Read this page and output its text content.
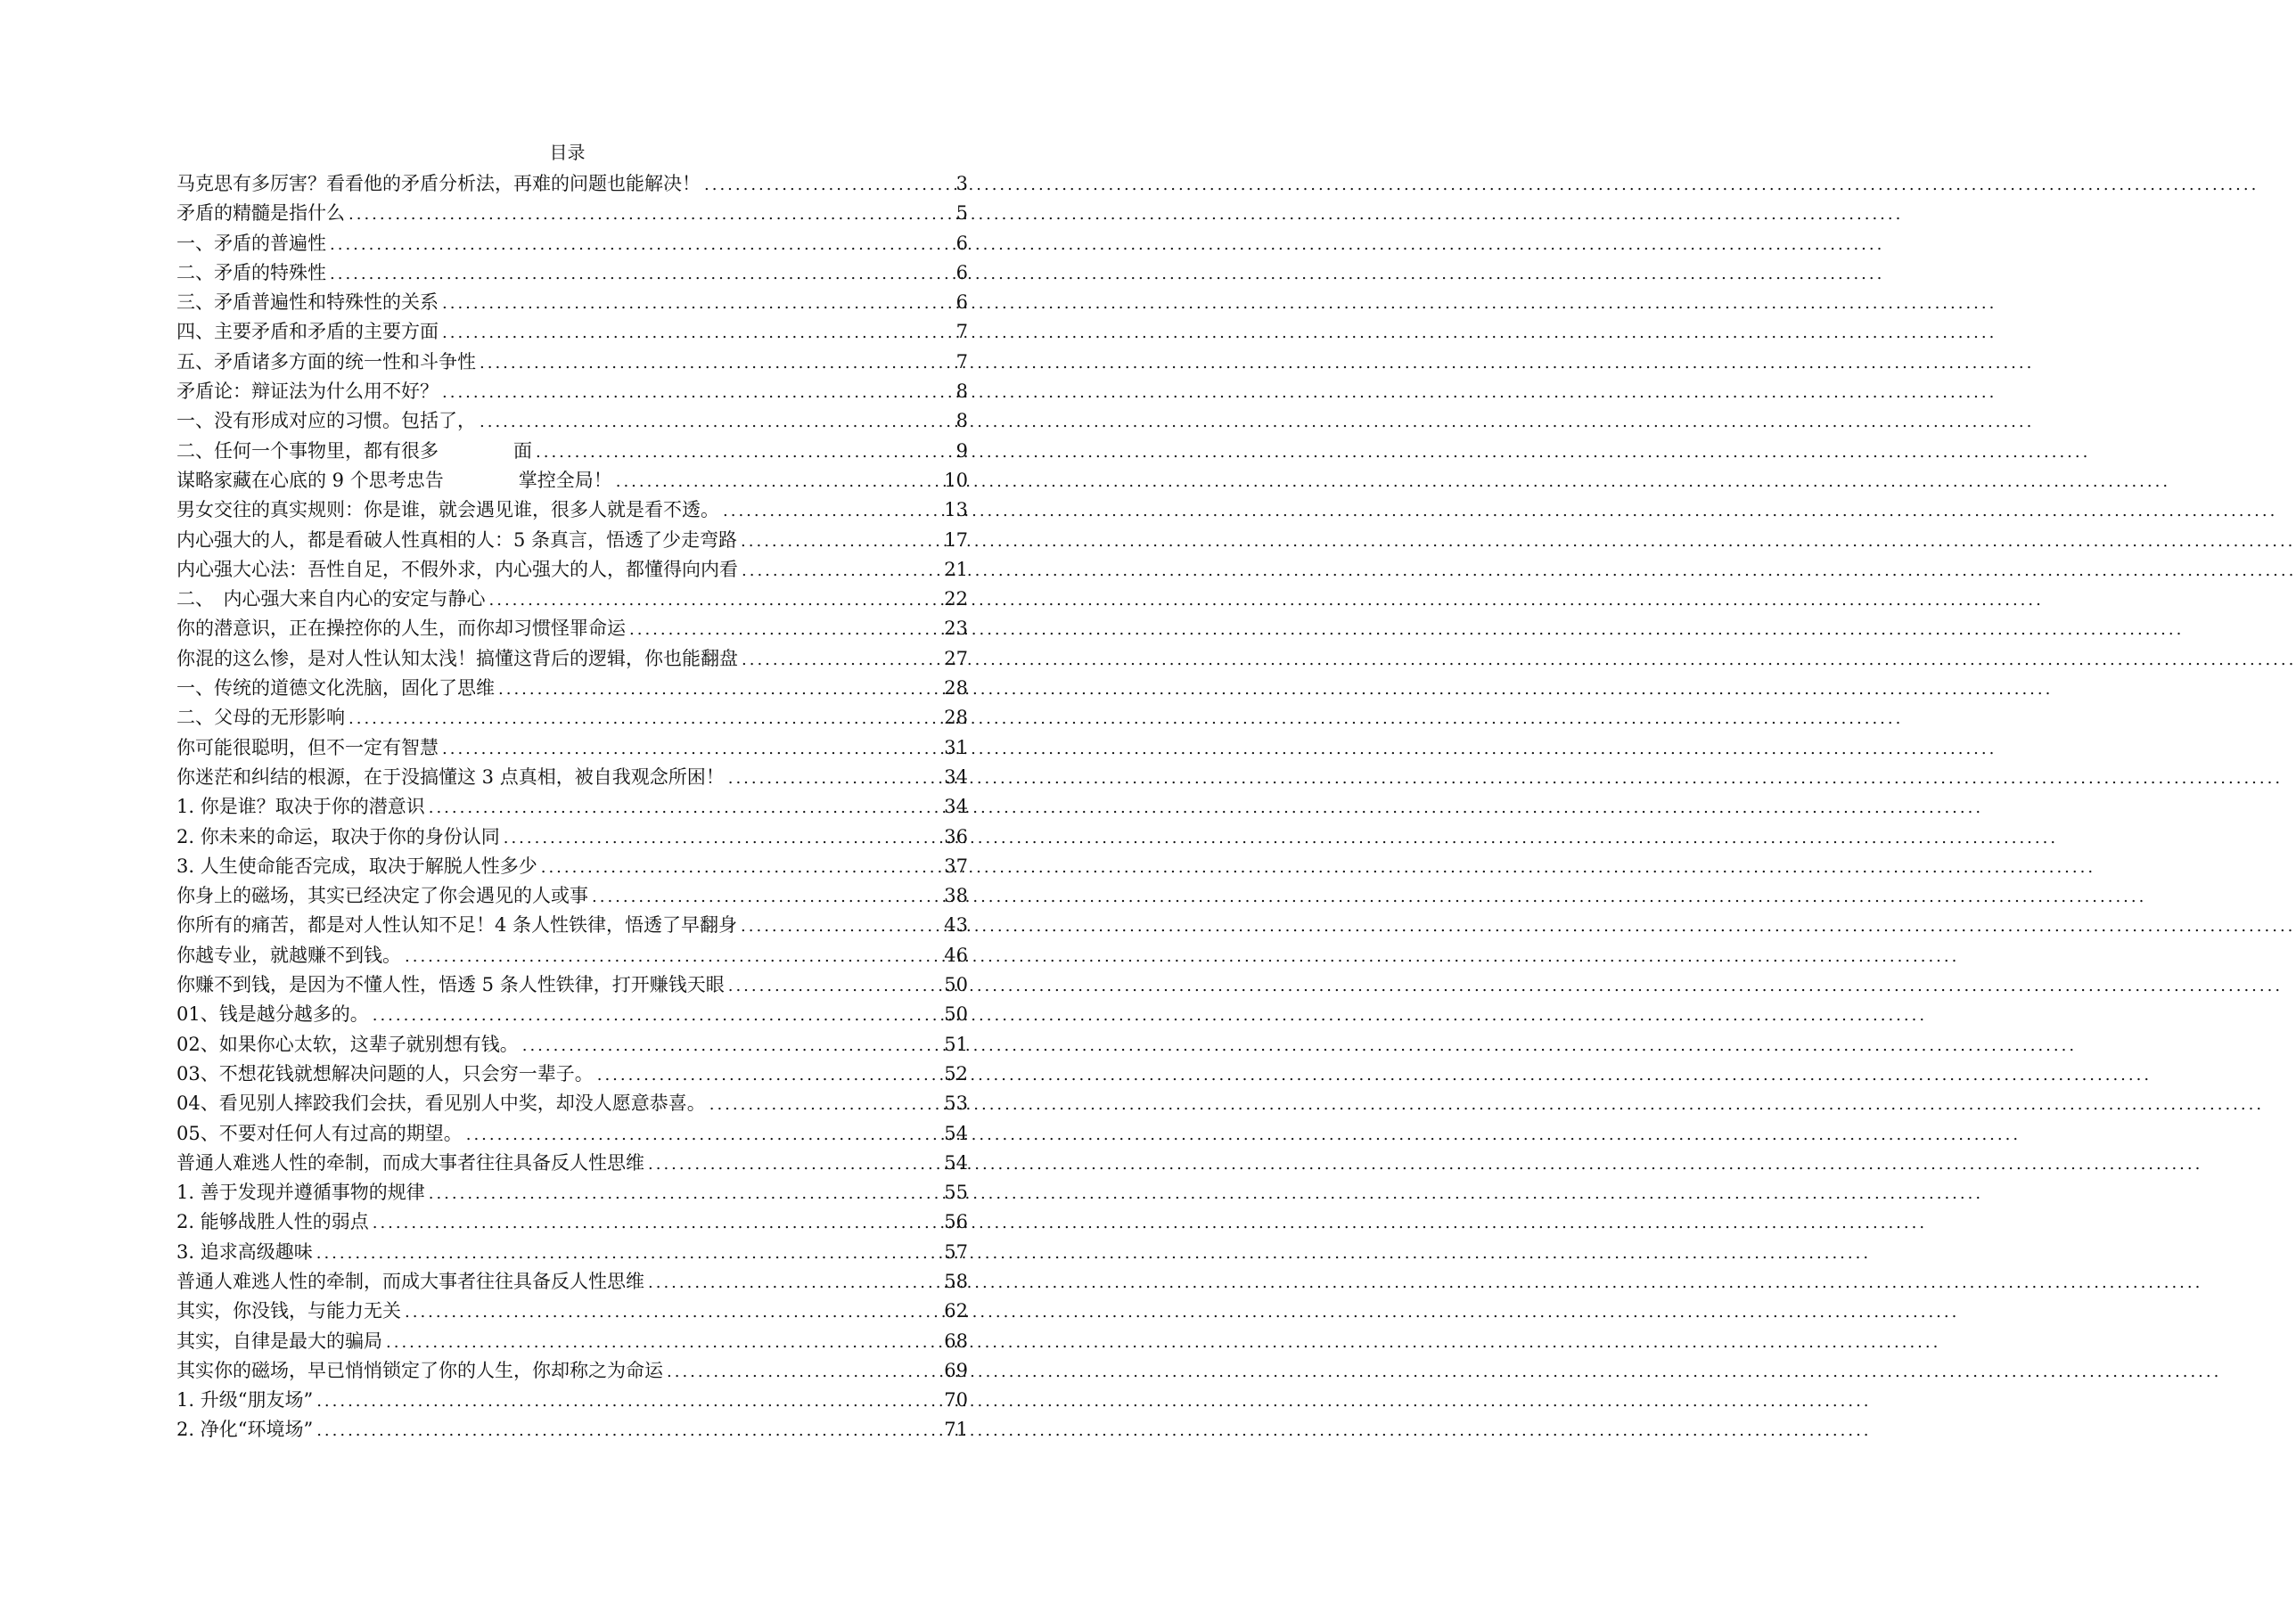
目录
马克思有多厉害？看看他的矛盾分析法，再难的问题也能解决！ .....	3
矛盾的精髓是指什么 .....	5
一、矛盾的普遍性 .....	6
二、矛盾的特殊性 .....	6
三、矛盾普遍性和特殊性的关系 .....	6
四、主要矛盾和矛盾的主要方面 .....	7
五、矛盾诸多方面的统一性和斗争性 .....	7
矛盾论：辩证法为什么用不好？ .....	8
一、没有形成对应的习惯。包括了， .....	8
二、任何一个事物里，都有很多　　　　面 .....	9
谋略家藏在心底的 9 个思考忠告　　　　掌控全局！ .....	10
男女交往的真实规则：你是谁，就会遇见谁，很多人就是看不透。 .....	13
内心强大的人，都是看破人性真相的人：5 条真言，悟透了少走弯路 .....	17
内心强大心法：吾性自足，不假外求，内心强大的人，都懂得向内看 .....	21
二、　内心强大来自内心的安定与静心 .....	22
你的潜意识，正在操控你的人生，而你却习惯怪罪命运 .....	23
你混的这么惨，是对人性认知太浅！搞懂这背后的逻辑，你也能翻盘 .....	27
一、传统的道德文化洗脑，固化了思维 .....	28
二、父母的无形影响 .....	28
你可能很聪明，但不一定有智慧 .....	31
你迷茫和纠结的根源，在于没搞懂这 3 点真相，被自我观念所困！ .....	34
1. 你是谁？取决于你的潜意识 .....	34
2. 你未来的命运，取决于你的身份认同 .....	36
3. 人生使命能否完成，取决于解脱人性多少 .....	37
你身上的磁场，其实已经决定了你会遇见的人或事 .....	38
你所有的痛苦，都是对人性认知不足！4 条人性铁律，悟透了早翻身 .....	43
你越专业，就越赚不到钱。 .....	46
你赚不到钱，是因为不懂人性，悟透 5 条人性铁律，打开赚钱天眼 .....	50
01、钱是越分越多的。 .....	50
02、如果你心太软，这辈子就别想有钱。 .....	51
03、不想花钱就想解决问题的人，只会穷一辈子。 .....	52
04、看见别人摔跤我们会扶，看见别人中奖，却没人愿意恭喜。 .....	53
05、不要对任何人有过高的期望。 .....	54
普通人难逃人性的牵制，而成大事者往往具备反人性思维 .....	54
1. 善于发现并遵循事物的规律 .....	55
2. 能够战胜人性的弱点 .....	56
3. 追求高级趣味 .....	57
普通人难逃人性的牵制，而成大事者往往具备反人性思维 .....	58
其实，你没钱，与能力无关 .....	62
其实，自律是最大的骗局 .....	68
其实你的磁场，早已悄悄锁定了你的人生，你却称之为命运 .....	69
1. 升级“朋友场” .....	70
2. 净化“环境场” .....	71
